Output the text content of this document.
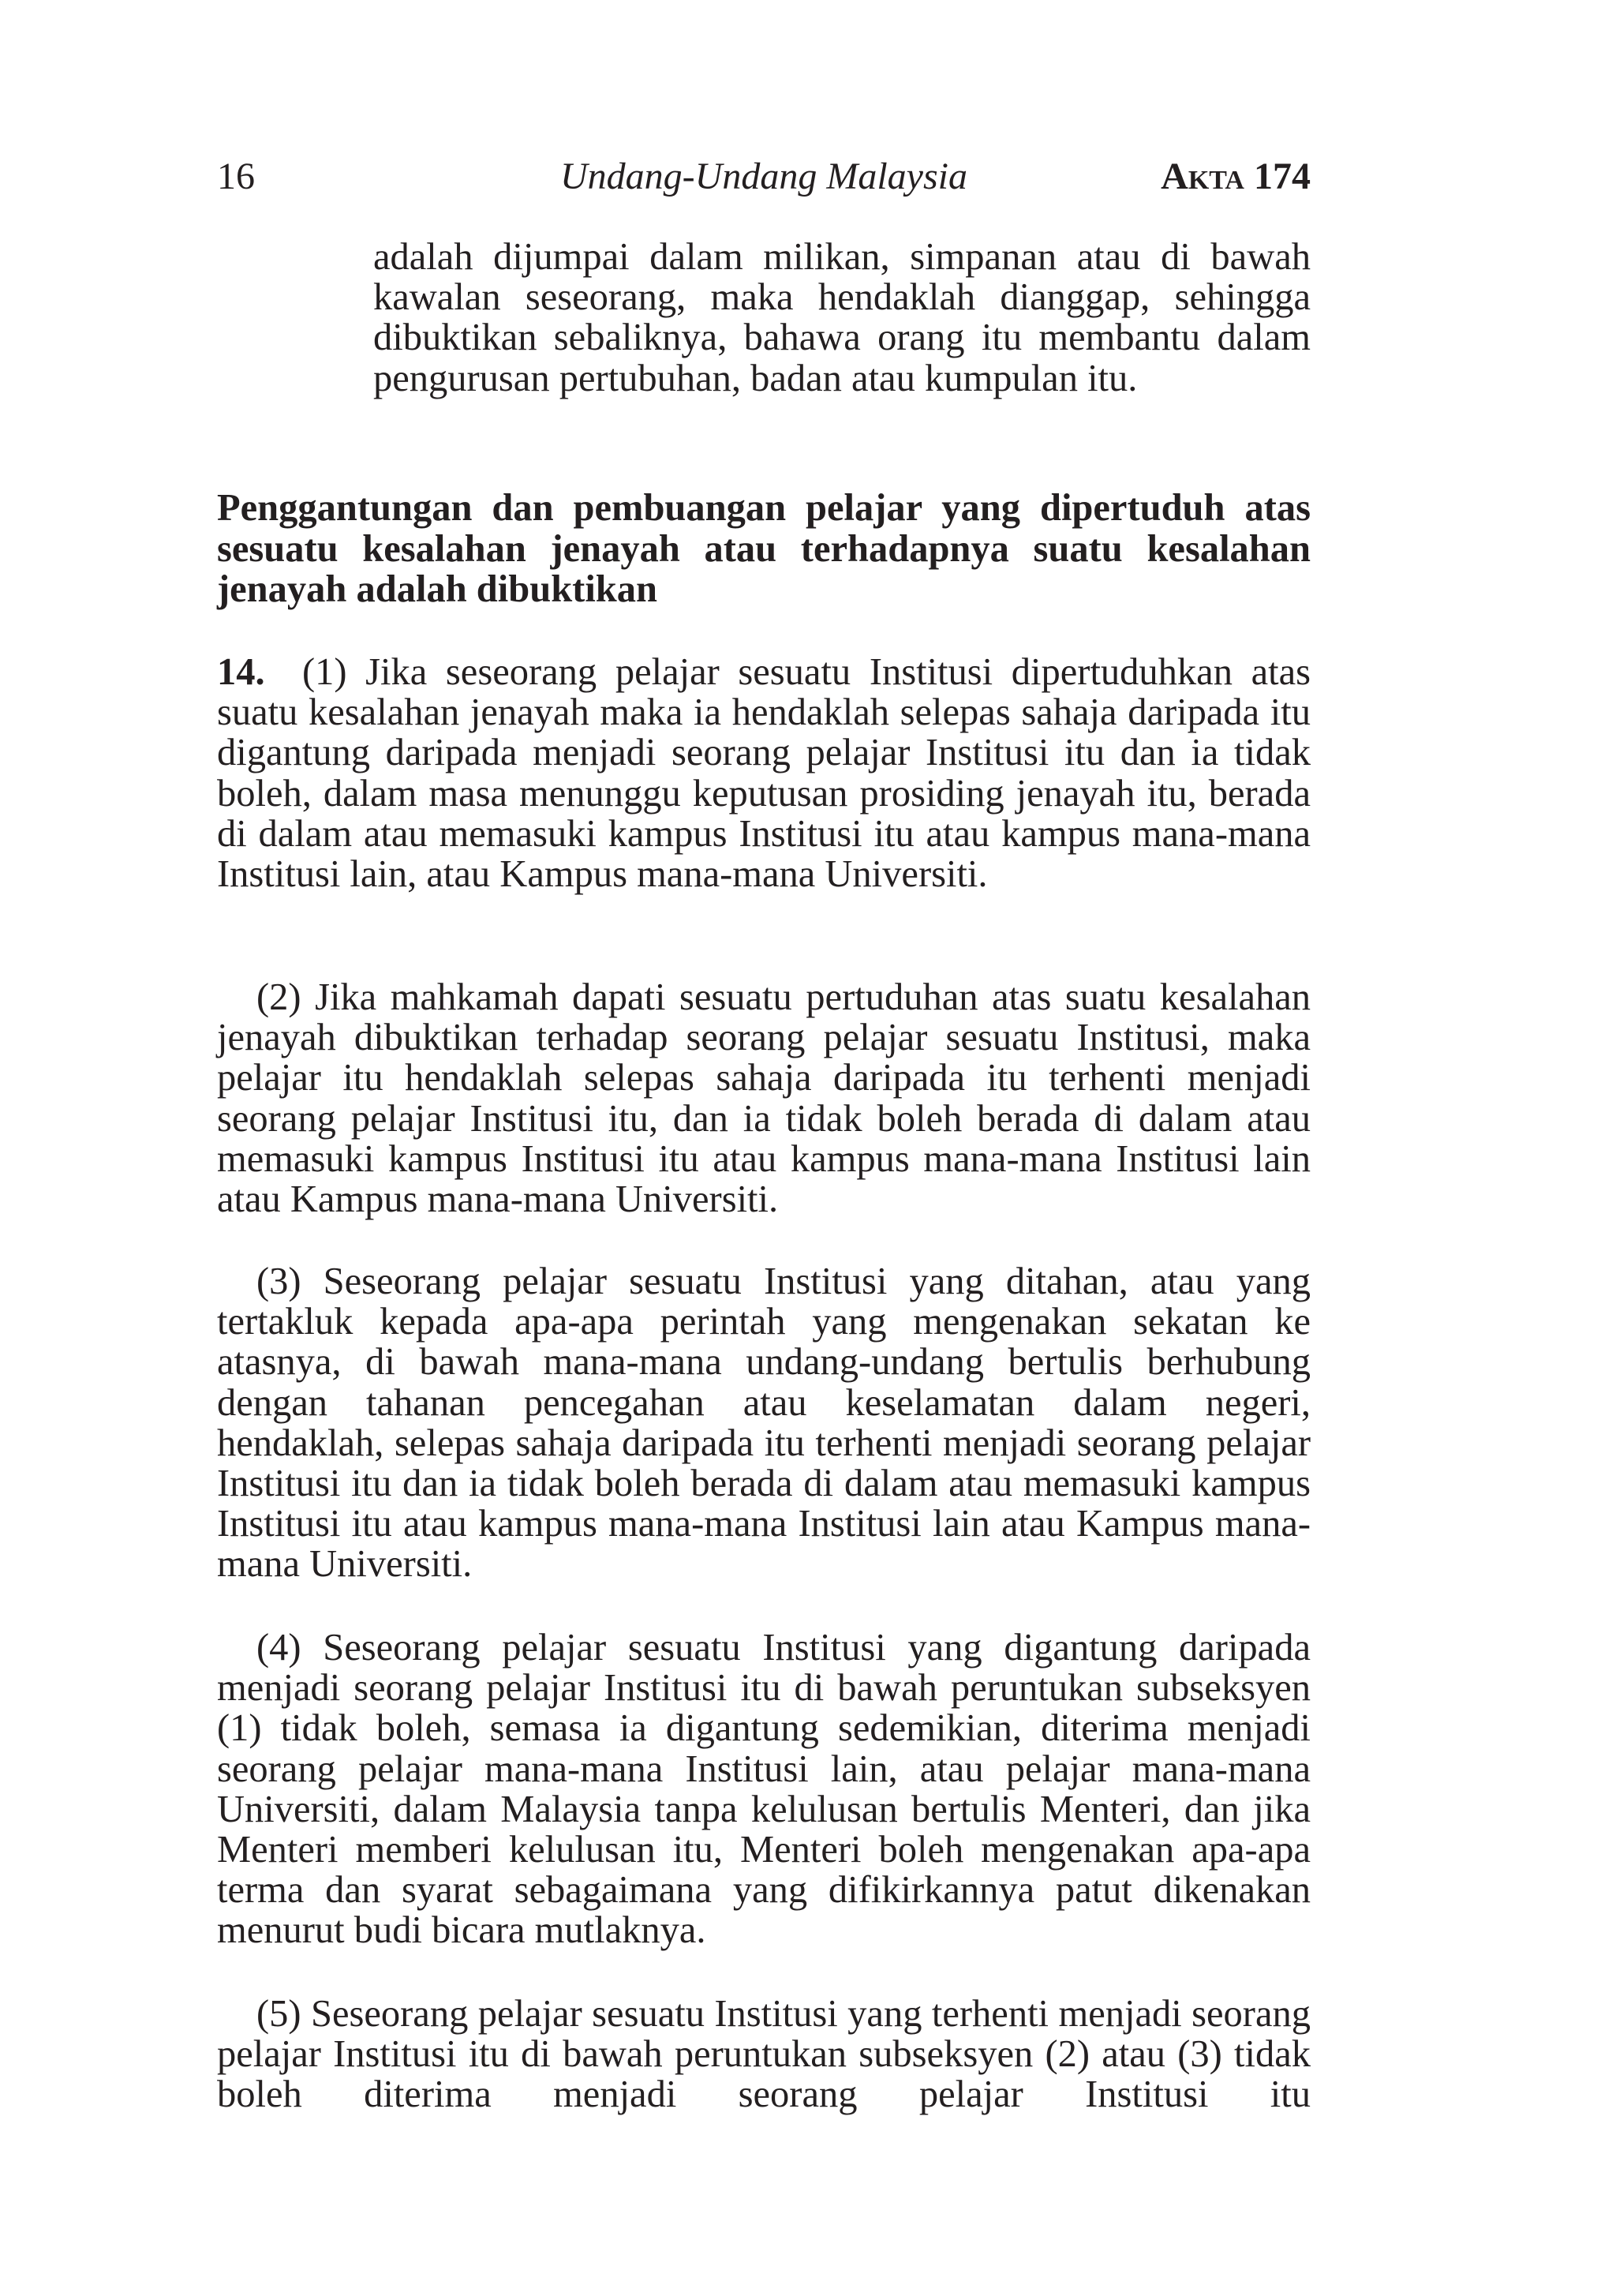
16	Undang-Undang Malaysia	Akta 174

adalah dijumpai dalam milikan, simpanan atau di bawah kawalan seseorang, maka hendaklah dianggap, sehingga dibuktikan sebaliknya, bahawa orang itu membantu dalam pengurusan pertubuhan, badan atau kumpulan itu.

Penggantungan dan pembuangan pelajar yang dipertuduh atas sesuatu kesalahan jenayah atau terhadapnya suatu kesalahan jenayah adalah dibuktikan

14. (1) Jika seseorang pelajar sesuatu Institusi dipertuduhkan atas suatu kesalahan jenayah maka ia hendaklah selepas sahaja daripada itu digantung daripada menjadi seorang pelajar Institusi itu dan ia tidak boleh, dalam masa menunggu keputusan prosiding jenayah itu, berada di dalam atau memasuki kampus Institusi itu atau kampus mana-mana Institusi lain, atau Kampus mana-mana Universiti.

(2) Jika mahkamah dapati sesuatu pertuduhan atas suatu kesalahan jenayah dibuktikan terhadap seorang pelajar sesuatu Institusi, maka pelajar itu hendaklah selepas sahaja daripada itu terhenti menjadi seorang pelajar Institusi itu, dan ia tidak boleh berada di dalam atau memasuki kampus Institusi itu atau kampus mana-mana Institusi lain atau Kampus mana-mana Universiti.

(3) Seseorang pelajar sesuatu Institusi yang ditahan, atau yang tertakluk kepada apa-apa perintah yang mengenakan sekatan ke atasnya, di bawah mana-mana undang-undang bertulis berhubung dengan tahanan pencegahan atau keselamatan dalam negeri, hendaklah, selepas sahaja daripada itu terhenti menjadi seorang pelajar Institusi itu dan ia tidak boleh berada di dalam atau memasuki kampus Institusi itu atau kampus mana-mana Institusi lain atau Kampus mana-mana Universiti.

(4) Seseorang pelajar sesuatu Institusi yang digantung daripada menjadi seorang pelajar Institusi itu di bawah peruntukan subseksyen (1) tidak boleh, semasa ia digantung sedemikian, diterima menjadi seorang pelajar mana-mana Institusi lain, atau pelajar mana-mana Universiti, dalam Malaysia tanpa kelulusan bertulis Menteri, dan jika Menteri memberi kelulusan itu, Menteri boleh mengenakan apa-apa terma dan syarat sebagaimana yang difikirkannya patut dikenakan menurut budi bicara mutlaknya.

(5) Seseorang pelajar sesuatu Institusi yang terhenti menjadi seorang pelajar Institusi itu di bawah peruntukan subseksyen (2) atau (3) tidak boleh diterima menjadi seorang pelajar Institusi itu
